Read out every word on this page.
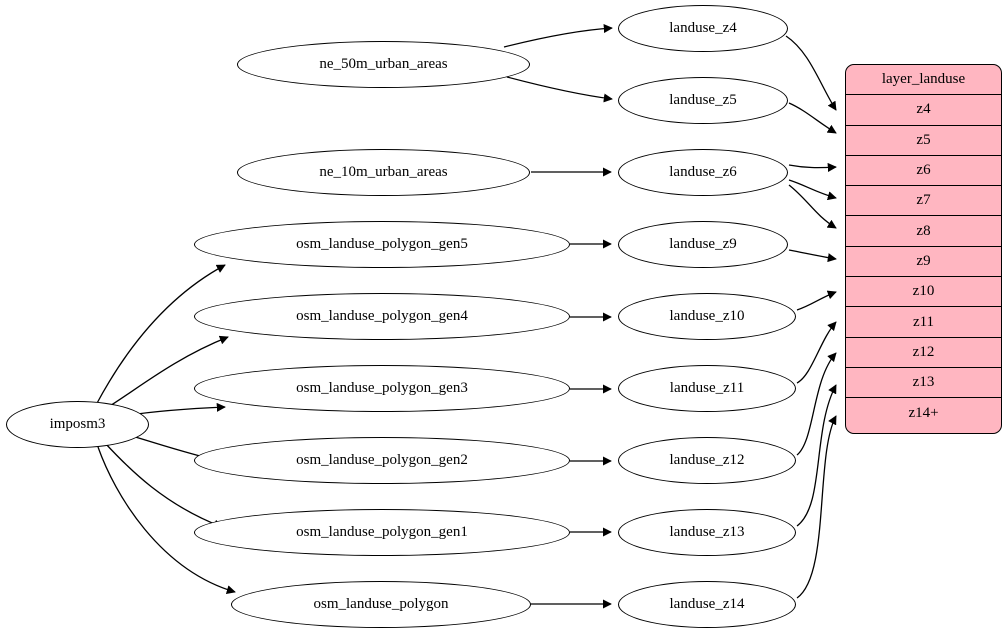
imposm3
ne_50m_urban_areas
ne_10m_urban_areas
osm_landuse_polygon_gen5
osm_landuse_polygon_gen4
osm_landuse_polygon_gen3
osm_landuse_polygon_gen2
osm_landuse_polygon_gen1
osm_landuse_polygon
landuse_z4
landuse_z5
landuse_z6
landuse_z9
landuse_z10
landuse_z11
landuse_z12
landuse_z13
landuse_z14
layer_landuse
z4
z5
z6
z7
z8
z9
z10
z11
z12
z13
z14+
